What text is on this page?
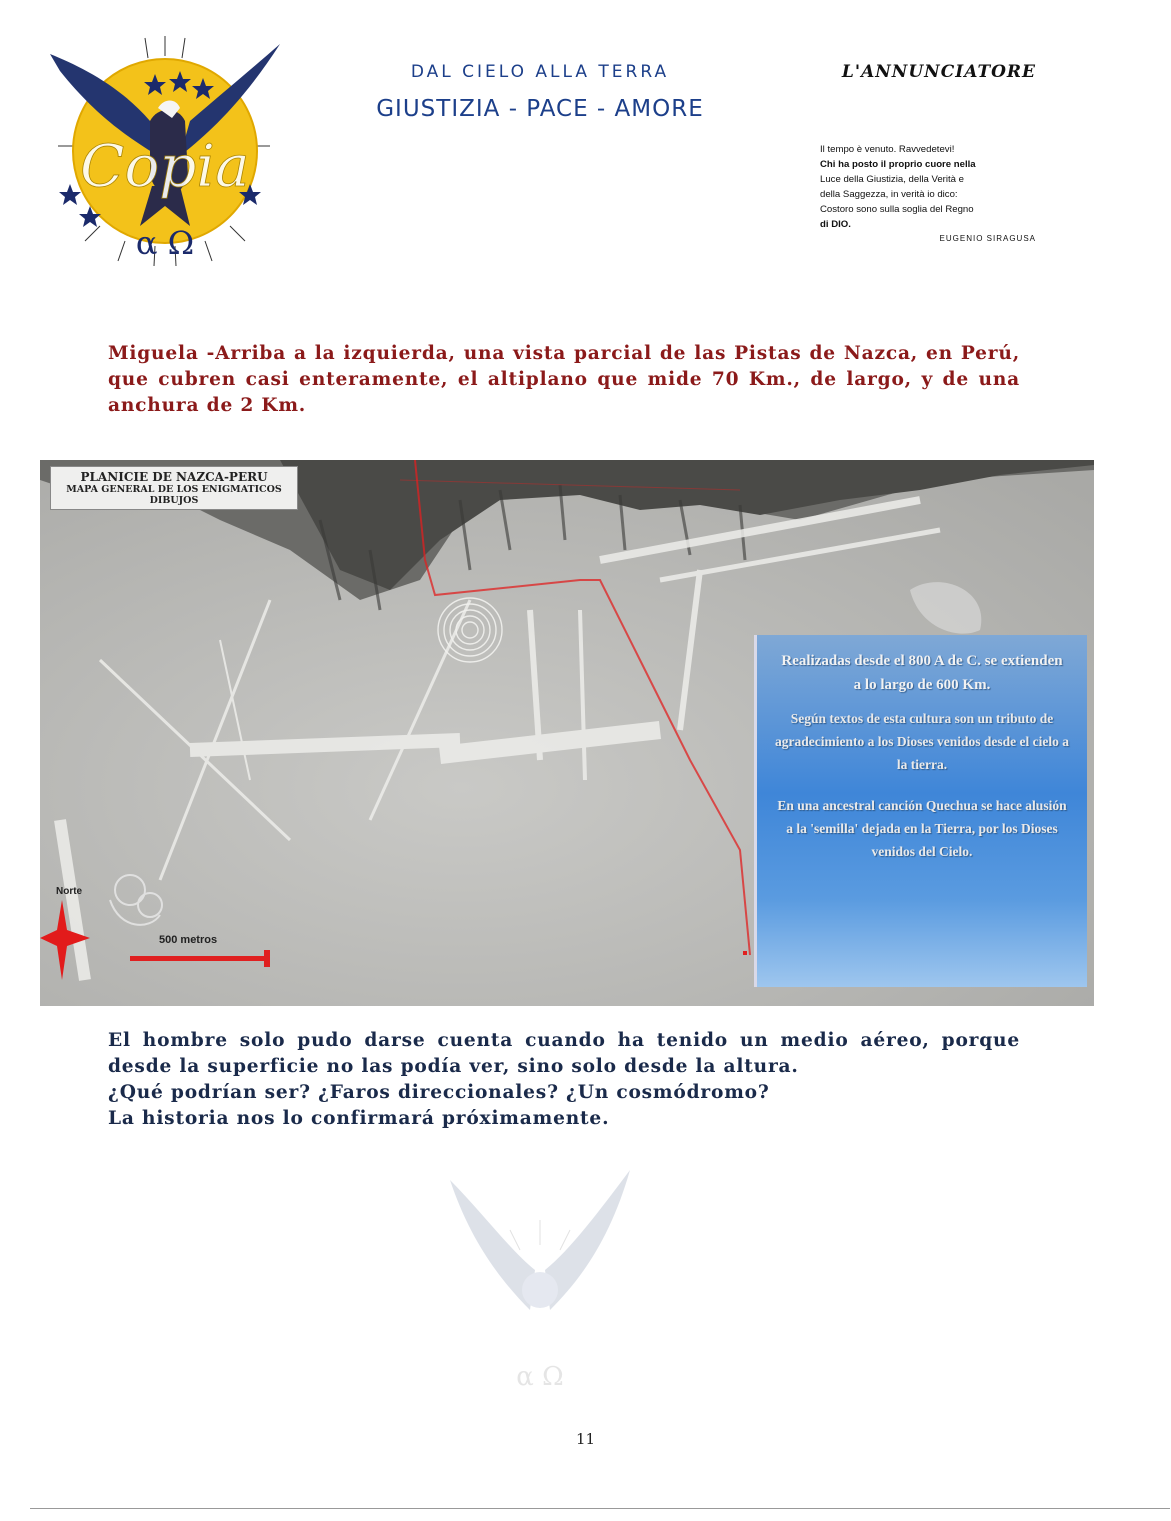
Copia
α Ω
DAL CIELO ALLA TERRA
GIUSTIZIA - PACE - AMORE
L'ANNUNCIATORE
Il tempo è venuto. Ravvedetevi!
Chi ha posto il proprio cuore nella
Luce della Giustizia, della Verità e
della Saggezza, in verità io dico:
Costoro sono sulla soglia del Regno
di DIO.
EUGENIO SIRAGUSA
Miguela -Arriba a la izquierda, una vista parcial de las Pistas de Nazca, en Perú, que cubren casi enteramente, el altiplano que mide 70 Km., de largo, y de una anchura de 2 Km.
PLANICIE DE NAZCA-PERU
MAPA GENERAL DE LOS ENIGMATICOS DIBUJOS
Realizadas desde el 800 A de C. se extienden
a lo largo de 600 Km.
Según textos de esta cultura son un tributo de agradecimiento a los Dioses venidos desde el cielo a la tierra.
En una ancestral canción Quechua se hace alusión a la 'semilla' dejada en la Tierra, por los Dioses venidos del Cielo.
Norte
500 metros

El hombre solo pudo darse cuenta cuando ha tenido un medio aéreo, porque

desde la superficie no las podía ver, sino solo desde la altura.

¿Qué podrían ser? ¿Faros direccionales? ¿Un cosmódromo?

La historia nos lo confirmará próximamente.

α Ω
11
